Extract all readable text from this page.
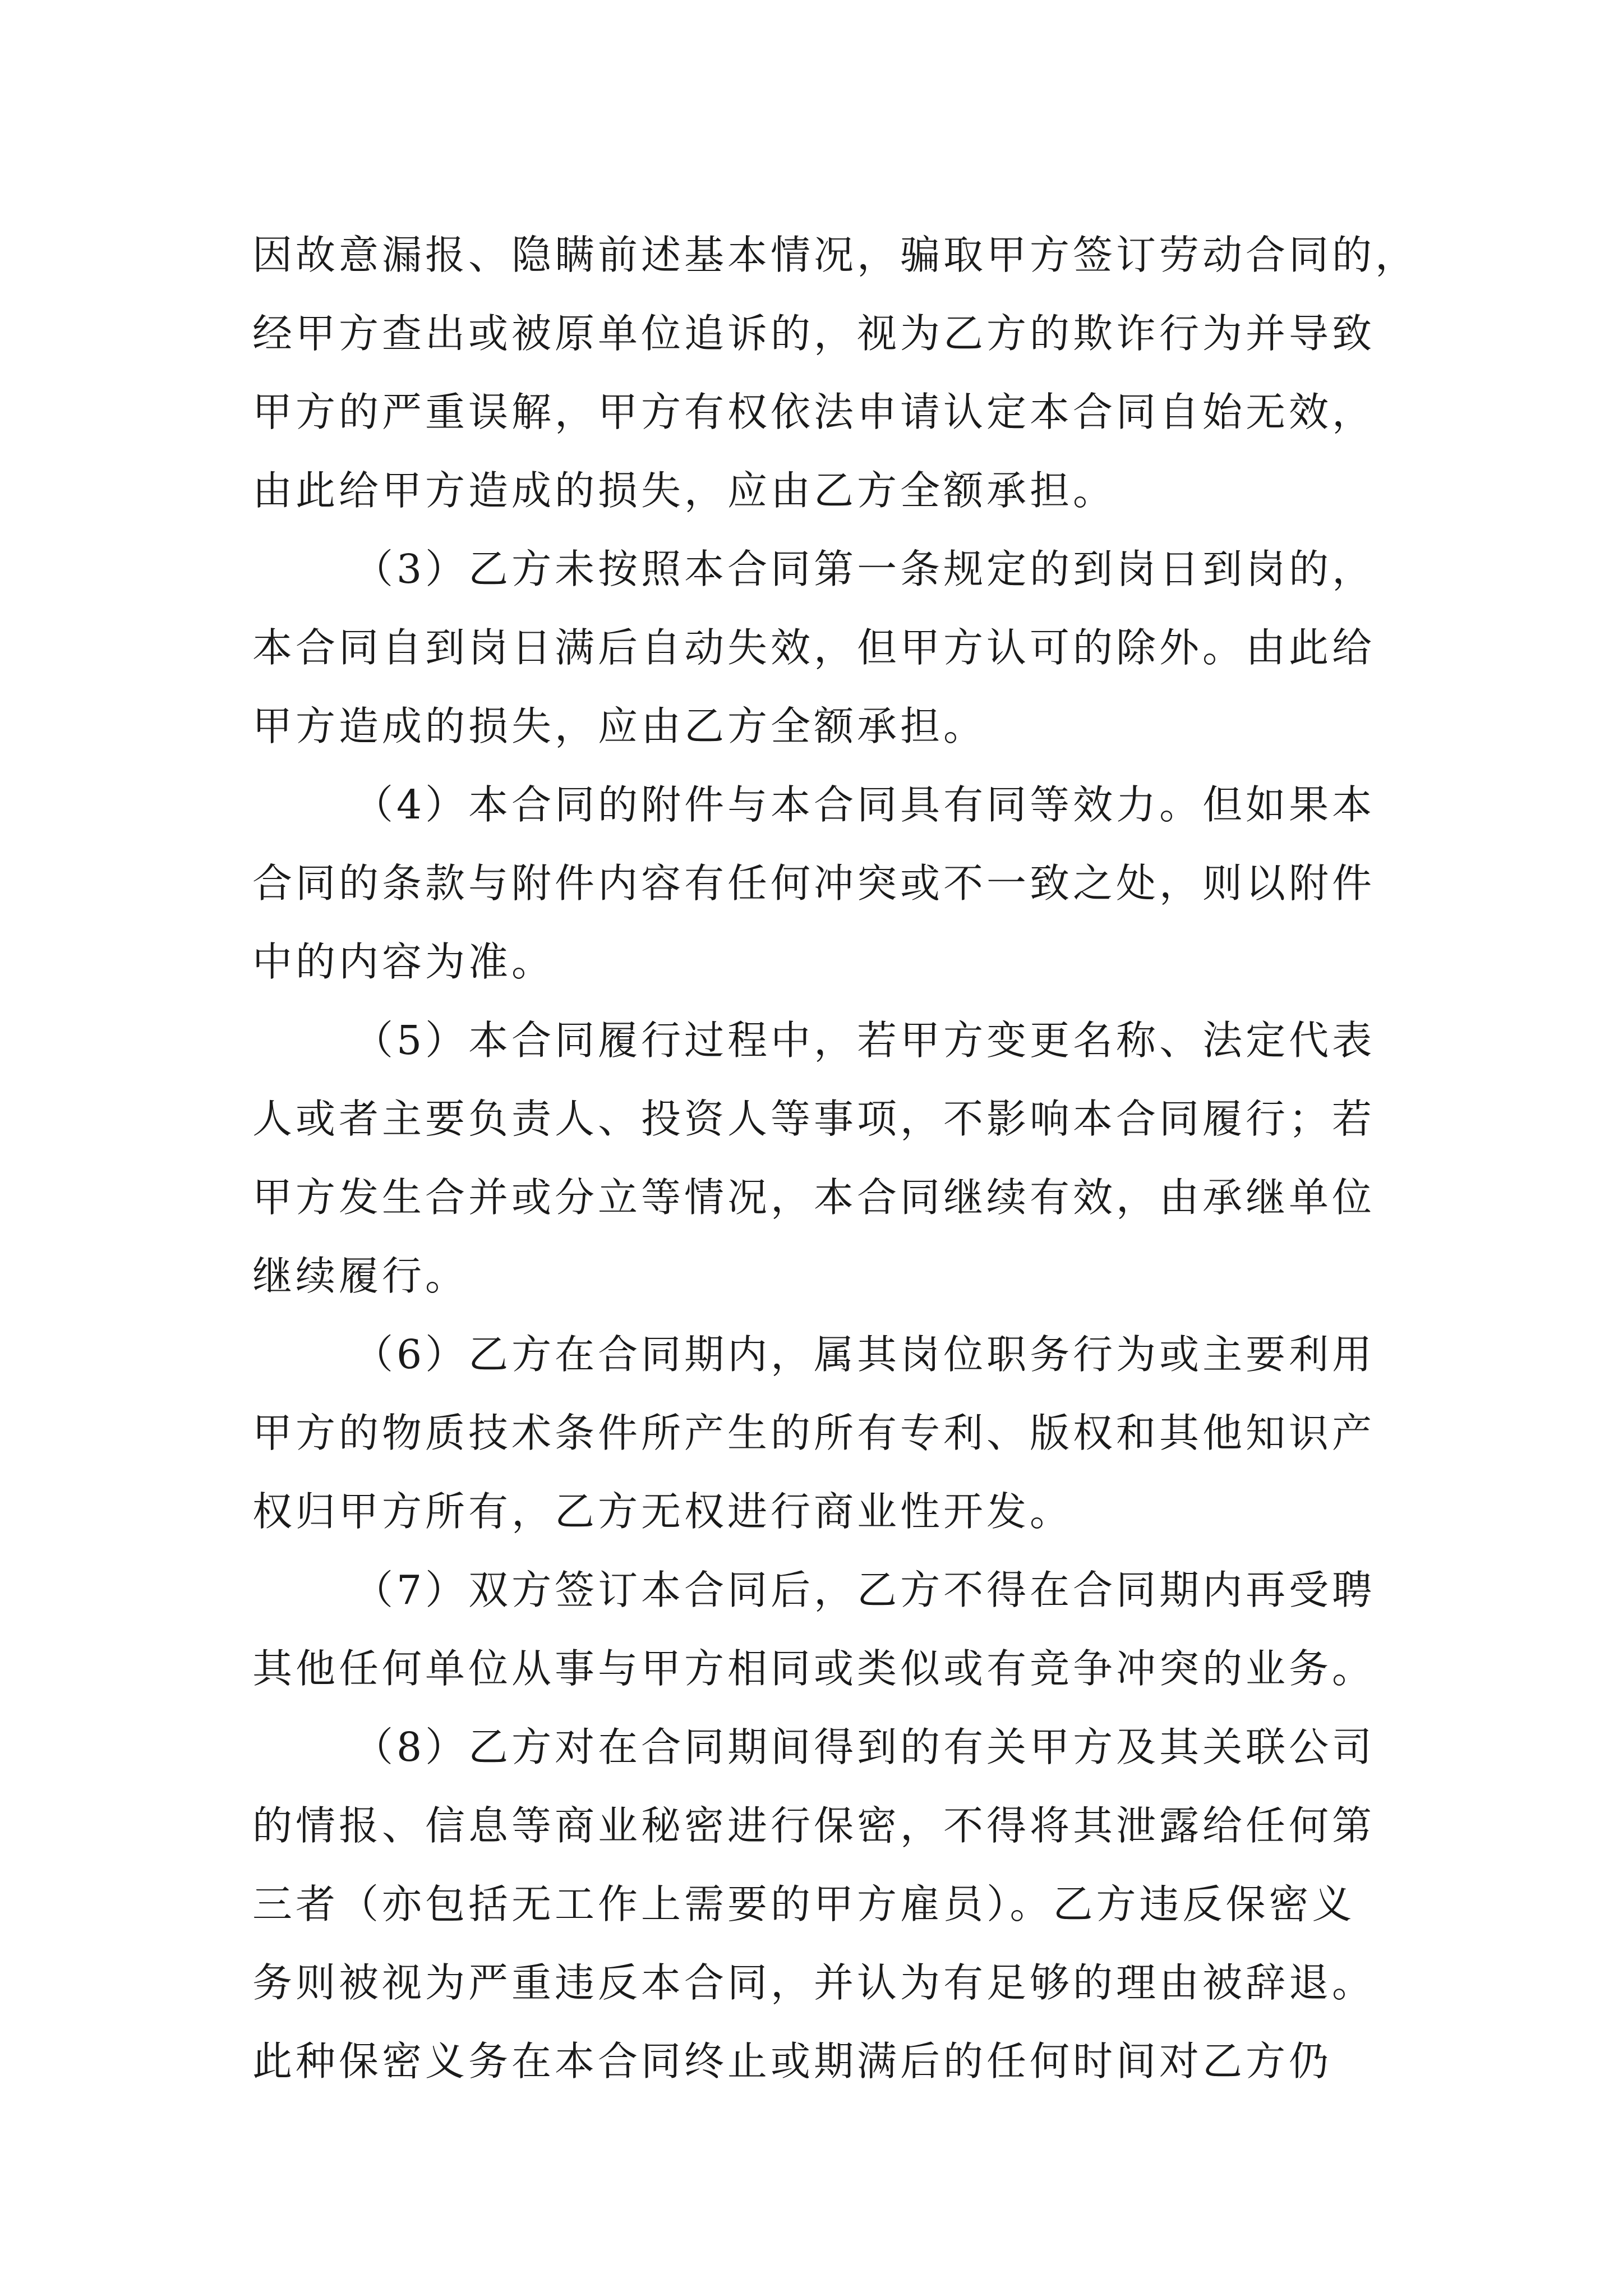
因故意漏报、隐瞒前述基本情况，骗取甲方签订劳动合同的，
经甲方查出或被原单位追诉的，视为乙方的欺诈行为并导致
甲方的严重误解，甲方有权依法申请认定本合同自始无效，
由此给甲方造成的损失，应由乙方全额承担。
（3）乙方未按照本合同第一条规定的到岗日到岗的，
本合同自到岗日满后自动失效，但甲方认可的除外。由此给
甲方造成的损失，应由乙方全额承担。
（4）本合同的附件与本合同具有同等效力。但如果本
合同的条款与附件内容有任何冲突或不一致之处，则以附件
中的内容为准。
（5）本合同履行过程中，若甲方变更名称、法定代表
人或者主要负责人、投资人等事项，不影响本合同履行；若
甲方发生合并或分立等情况，本合同继续有效，由承继单位
继续履行。
（6）乙方在合同期内，属其岗位职务行为或主要利用
甲方的物质技术条件所产生的所有专利、版权和其他知识产
权归甲方所有，乙方无权进行商业性开发。
（7）双方签订本合同后，乙方不得在合同期内再受聘
其他任何单位从事与甲方相同或类似或有竞争冲突的业务。
（8）乙方对在合同期间得到的有关甲方及其关联公司
的情报、信息等商业秘密进行保密，不得将其泄露给任何第
三者（亦包括无工作上需要的甲方雇员）。乙方违反保密义
务则被视为严重违反本合同，并认为有足够的理由被辞退。
此种保密义务在本合同终止或期满后的任何时间对乙方仍
